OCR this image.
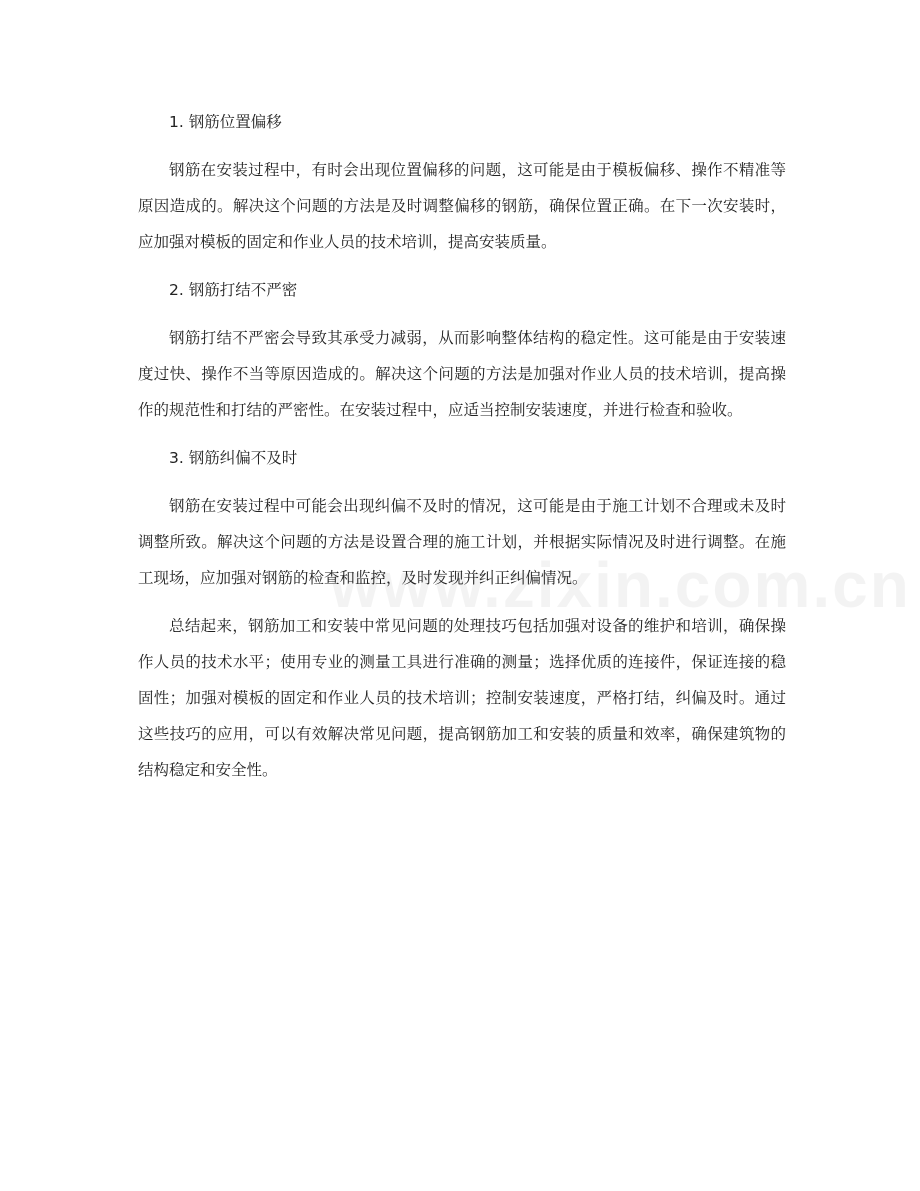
1. 钢筋位置偏移

钢筋在安装过程中，有时会出现位置偏移的问题，这可能是由于模板偏移、操作不精准等原因造成的。解决这个问题的方法是及时调整偏移的钢筋，确保位置正确。在下一次安装时，应加强对模板的固定和作业人员的技术培训，提高安装质量。

2. 钢筋打结不严密

钢筋打结不严密会导致其承受力减弱，从而影响整体结构的稳定性。这可能是由于安装速度过快、操作不当等原因造成的。解决这个问题的方法是加强对作业人员的技术培训，提高操作的规范性和打结的严密性。在安装过程中，应适当控制安装速度，并进行检查和验收。

3. 钢筋纠偏不及时

钢筋在安装过程中可能会出现纠偏不及时的情况，这可能是由于施工计划不合理或未及时调整所致。解决这个问题的方法是设置合理的施工计划，并根据实际情况及时进行调整。在施工现场，应加强对钢筋的检查和监控，及时发现并纠正纠偏情况。

总结起来，钢筋加工和安装中常见问题的处理技巧包括加强对设备的维护和培训，确保操作人员的技术水平；使用专业的测量工具进行准确的测量；选择优质的连接件，保证连接的稳固性；加强对模板的固定和作业人员的技术培训；控制安装速度，严格打结，纠偏及时。通过这些技巧的应用，可以有效解决常见问题，提高钢筋加工和安装的质量和效率，确保建筑物的结构稳定和安全性。
